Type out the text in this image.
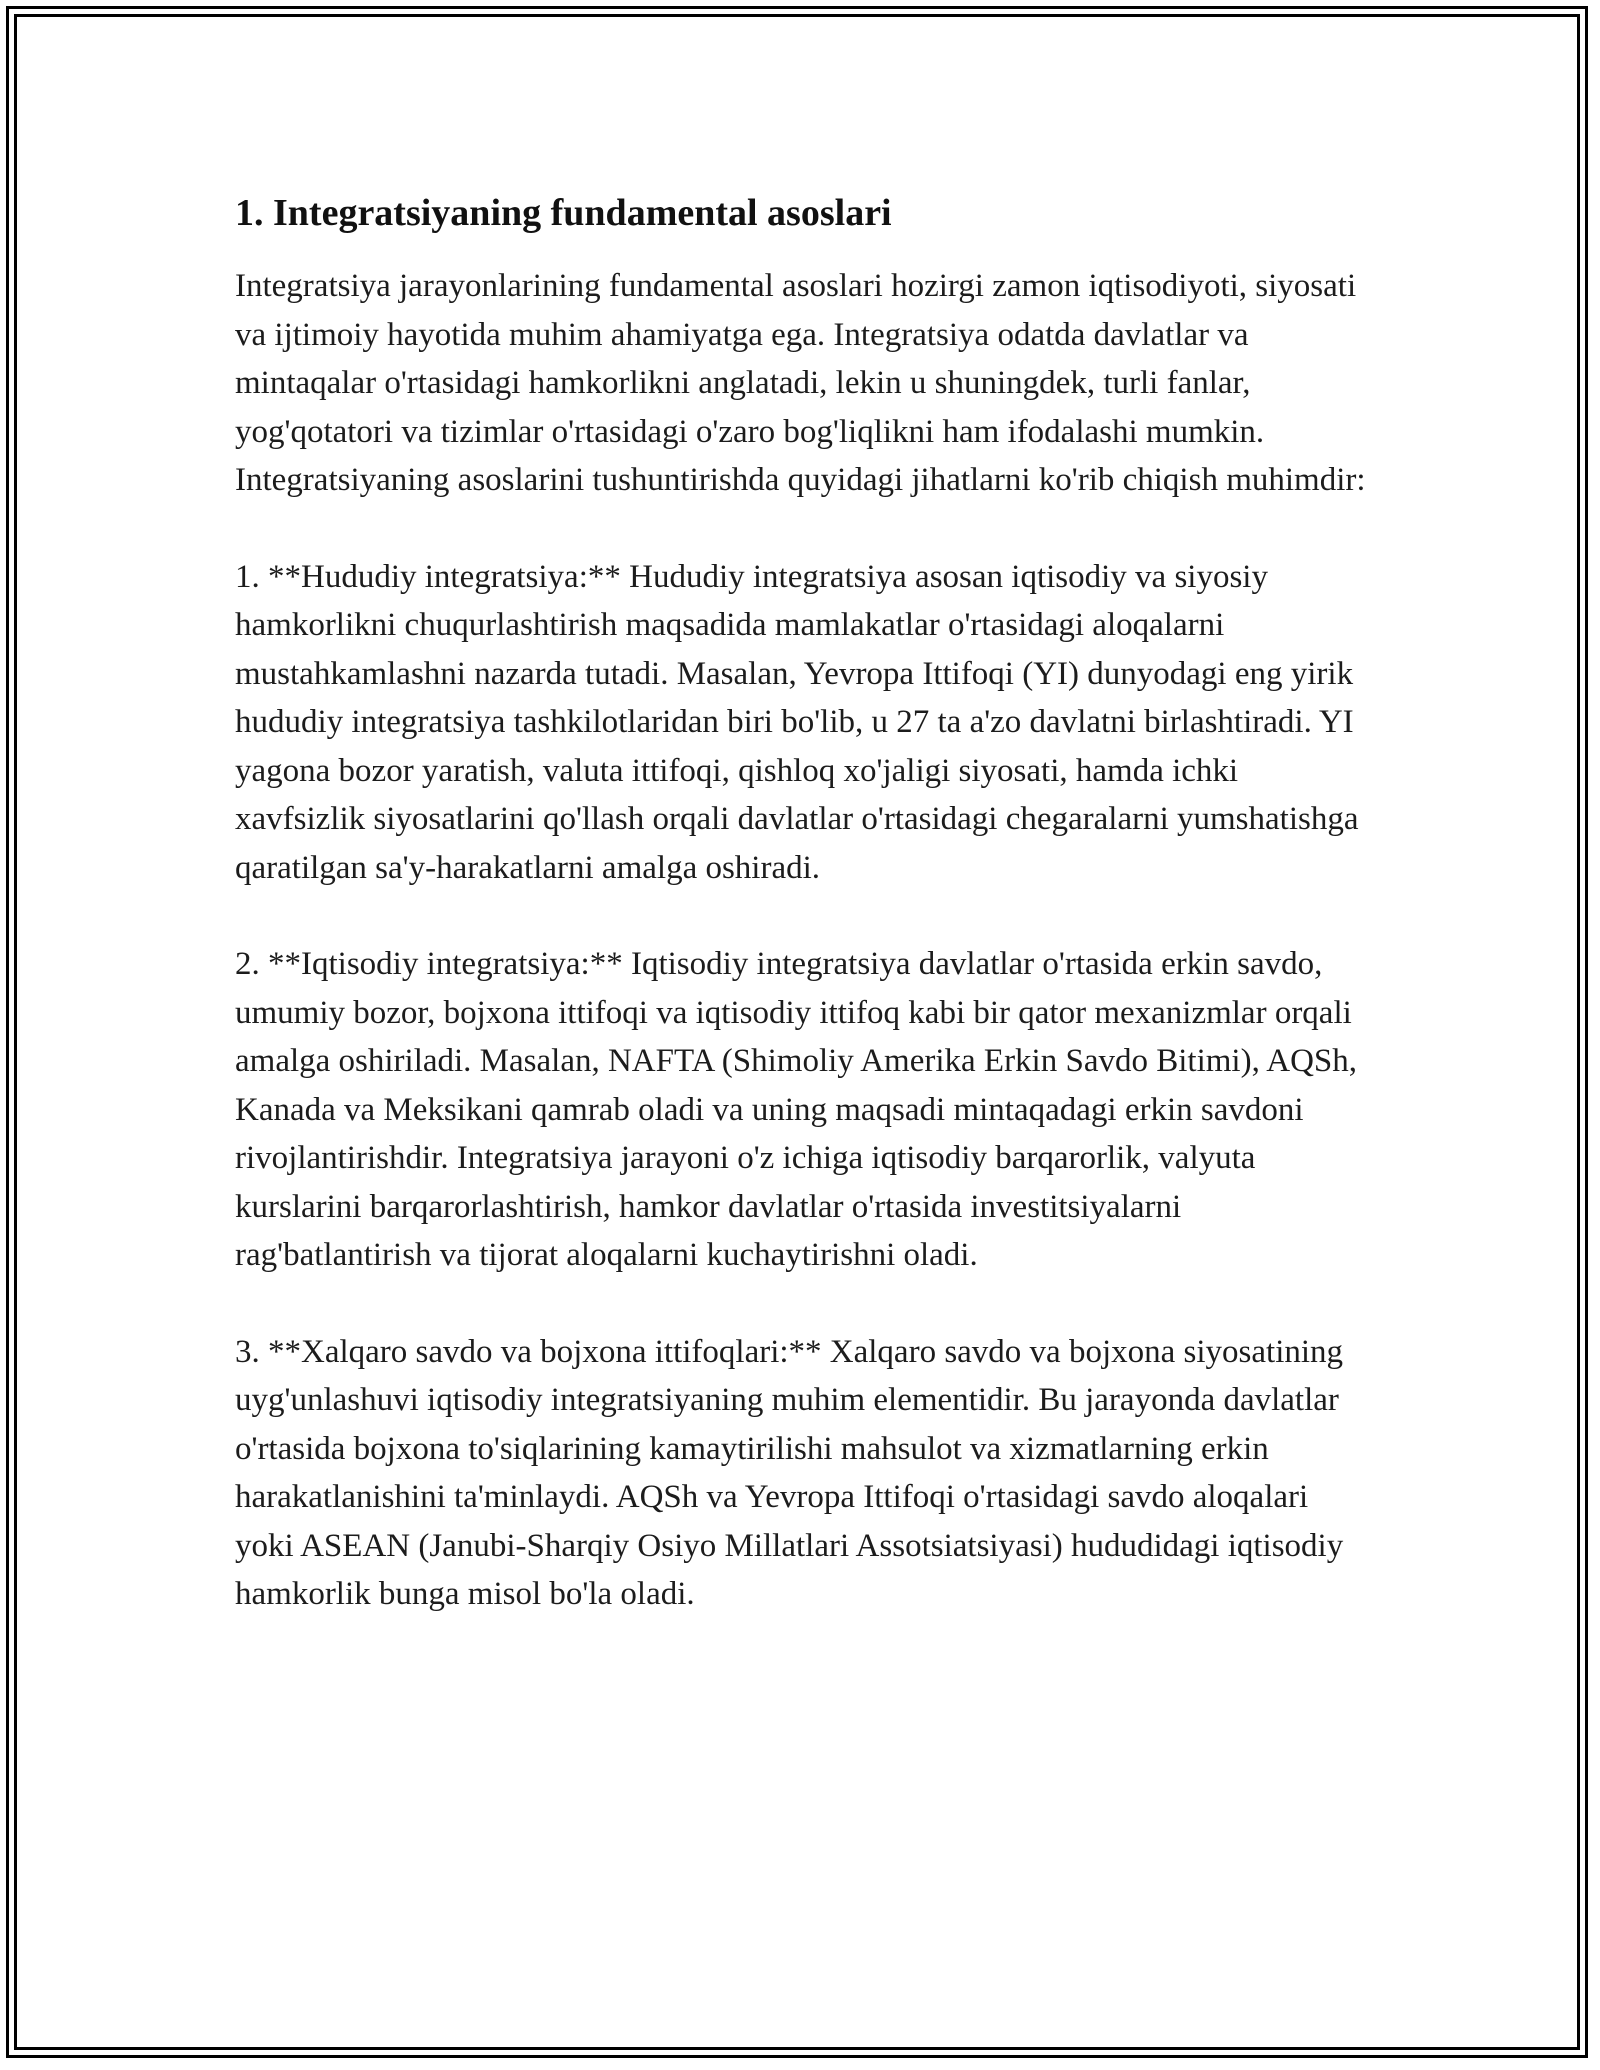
1. Integratsiyaning fundamental asoslari

Integratsiya jarayonlarining fundamental asoslari hozirgi zamon iqtisodiyoti, siyosati va ijtimoiy hayotida muhim ahamiyatga ega. Integratsiya odatda davlatlar va mintaqalar o'rtasidagi hamkorlikni anglatadi, lekin u shuningdek, turli fanlar, yog'qotatori va tizimlar o'rtasidagi o'zaro bog'liqlikni ham ifodalashi mumkin. Integratsiyaning asoslarini tushuntirishda quyidagi jihatlarni ko'rib chiqish muhimdir:

1. **Hududiy integratsiya:** Hududiy integratsiya asosan iqtisodiy va siyosiy hamkorlikni chuqurlashtirish maqsadida mamlakatlar o'rtasidagi aloqalarni mustahkamlashni nazarda tutadi. Masalan, Yevropa Ittifoqi (YI) dunyodagi eng yirik hududiy integratsiya tashkilotlaridan biri bo'lib, u 27 ta a'zo davlatni birlashtiradi. YI yagona bozor yaratish, valuta ittifoqi, qishloq xo'jaligi siyosati, hamda ichki xavfsizlik siyosatlarini qo'llash orqali davlatlar o'rtasidagi chegaralarni yumshatishga qaratilgan sa'y-harakatlarni amalga oshiradi.

2. **Iqtisodiy integratsiya:** Iqtisodiy integratsiya davlatlar o'rtasida erkin savdo, umumiy bozor, bojxona ittifoqi va iqtisodiy ittifoq kabi bir qator mexanizmlar orqali amalga oshiriladi. Masalan, NAFTA (Shimoliy Amerika Erkin Savdo Bitimi), AQSh, Kanada va Meksikani qamrab oladi va uning maqsadi mintaqadagi erkin savdoni rivojlantirishdir. Integratsiya jarayoni o'z ichiga iqtisodiy barqarorlik, valyuta kurslarini barqarorlashtirish, hamkor davlatlar o'rtasida investitsiyalarni rag'batlantirish va tijorat aloqalarni kuchaytirishni oladi.

3. **Xalqaro savdo va bojxona ittifoqlari:** Xalqaro savdo va bojxona siyosatining uyg'unlashuvi iqtisodiy integratsiyaning muhim elementidir. Bu jarayonda davlatlar o'rtasida bojxona to'siqlarining kamaytirilishi mahsulot va xizmatlarning erkin harakatlanishini ta'minlaydi. AQSh va Yevropa Ittifoqi o'rtasidagi savdo aloqalari yoki ASEAN (Janubi-Sharqiy Osiyo Millatlari Assotsiatsiyasi) hududidagi iqtisodiy hamkorlik bunga misol bo'la oladi.
